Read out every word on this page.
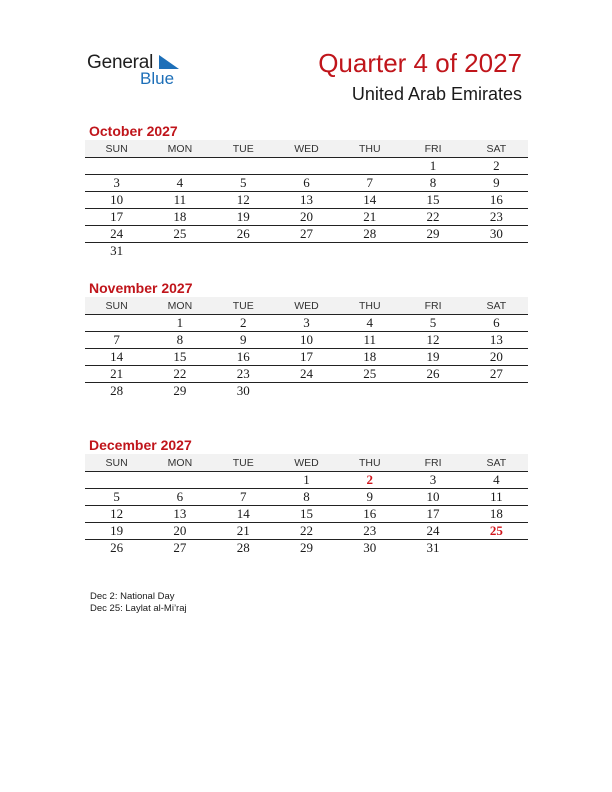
General
Blue
Quarter 4 of 2027
United Arab Emirates
October 2027
SUN	MON	TUE	WED	THU	FRI	SAT
					1	2
3	4	5	6	7	8	9
10	11	12	13	14	15	16
17	18	19	20	21	22	23
24	25	26	27	28	29	30
31						
November 2027
SUN	MON	TUE	WED	THU	FRI	SAT
	1	2	3	4	5	6
7	8	9	10	11	12	13
14	15	16	17	18	19	20
21	22	23	24	25	26	27
28	29	30				
December 2027
SUN	MON	TUE	WED	THU	FRI	SAT
			1	2	3	4
5	6	7	8	9	10	11
12	13	14	15	16	17	18
19	20	21	22	23	24	25
26	27	28	29	30	31	
Dec 2: National Day
Dec 25: Laylat al-Mi’raj
